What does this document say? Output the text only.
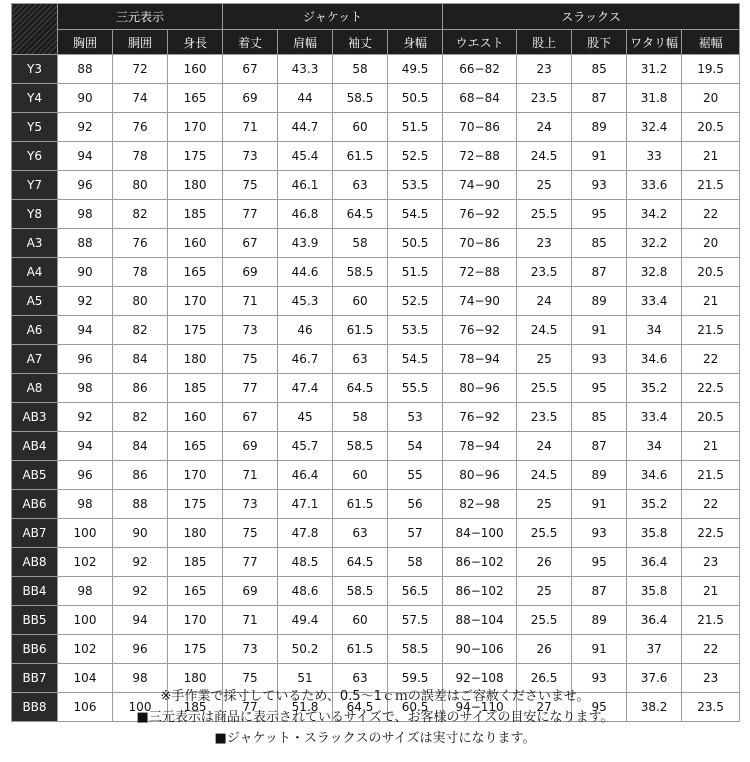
	三元表示			ジャケット				スラックス				
	胸囲	胴囲	身長	着丈	肩幅	袖丈	身幅	ウエスト	股上	股下	ワタリ幅	裾幅
Y3	88	72	160	67	43.3	58	49.5	66−82	23	85	31.2	19.5
Y4	90	74	165	69	44	58.5	50.5	68−84	23.5	87	31.8	20
Y5	92	76	170	71	44.7	60	51.5	70−86	24	89	32.4	20.5
Y6	94	78	175	73	45.4	61.5	52.5	72−88	24.5	91	33	21
Y7	96	80	180	75	46.1	63	53.5	74−90	25	93	33.6	21.5
Y8	98	82	185	77	46.8	64.5	54.5	76−92	25.5	95	34.2	22
A3	88	76	160	67	43.9	58	50.5	70−86	23	85	32.2	20
A4	90	78	165	69	44.6	58.5	51.5	72−88	23.5	87	32.8	20.5
A5	92	80	170	71	45.3	60	52.5	74−90	24	89	33.4	21
A6	94	82	175	73	46	61.5	53.5	76−92	24.5	91	34	21.5
A7	96	84	180	75	46.7	63	54.5	78−94	25	93	34.6	22
A8	98	86	185	77	47.4	64.5	55.5	80−96	25.5	95	35.2	22.5
AB3	92	82	160	67	45	58	53	76−92	23.5	85	33.4	20.5
AB4	94	84	165	69	45.7	58.5	54	78−94	24	87	34	21
AB5	96	86	170	71	46.4	60	55	80−96	24.5	89	34.6	21.5
AB6	98	88	175	73	47.1	61.5	56	82−98	25	91	35.2	22
AB7	100	90	180	75	47.8	63	57	84−100	25.5	93	35.8	22.5
AB8	102	92	185	77	48.5	64.5	58	86−102	26	95	36.4	23
BB4	98	92	165	69	48.6	58.5	56.5	86−102	25	87	35.8	21
BB5	100	94	170	71	49.4	60	57.5	88−104	25.5	89	36.4	21.5
BB6	102	96	175	73	50.2	61.5	58.5	90−106	26	91	37	22
BB7	104	98	180	75	51	63	59.5	92−108	26.5	93	37.6	23
BB8	106	100	185	77	51.8	64.5	60.5	94−110	27	95	38.2	23.5
※手作業で採寸しているため、0.5〜1ｃｍの誤差はご容赦くださいませ。
■三元表示は商品に表示されているサイズで、お客様のサイズの目安になります。
■ジャケット・スラックスのサイズは実寸になります。
